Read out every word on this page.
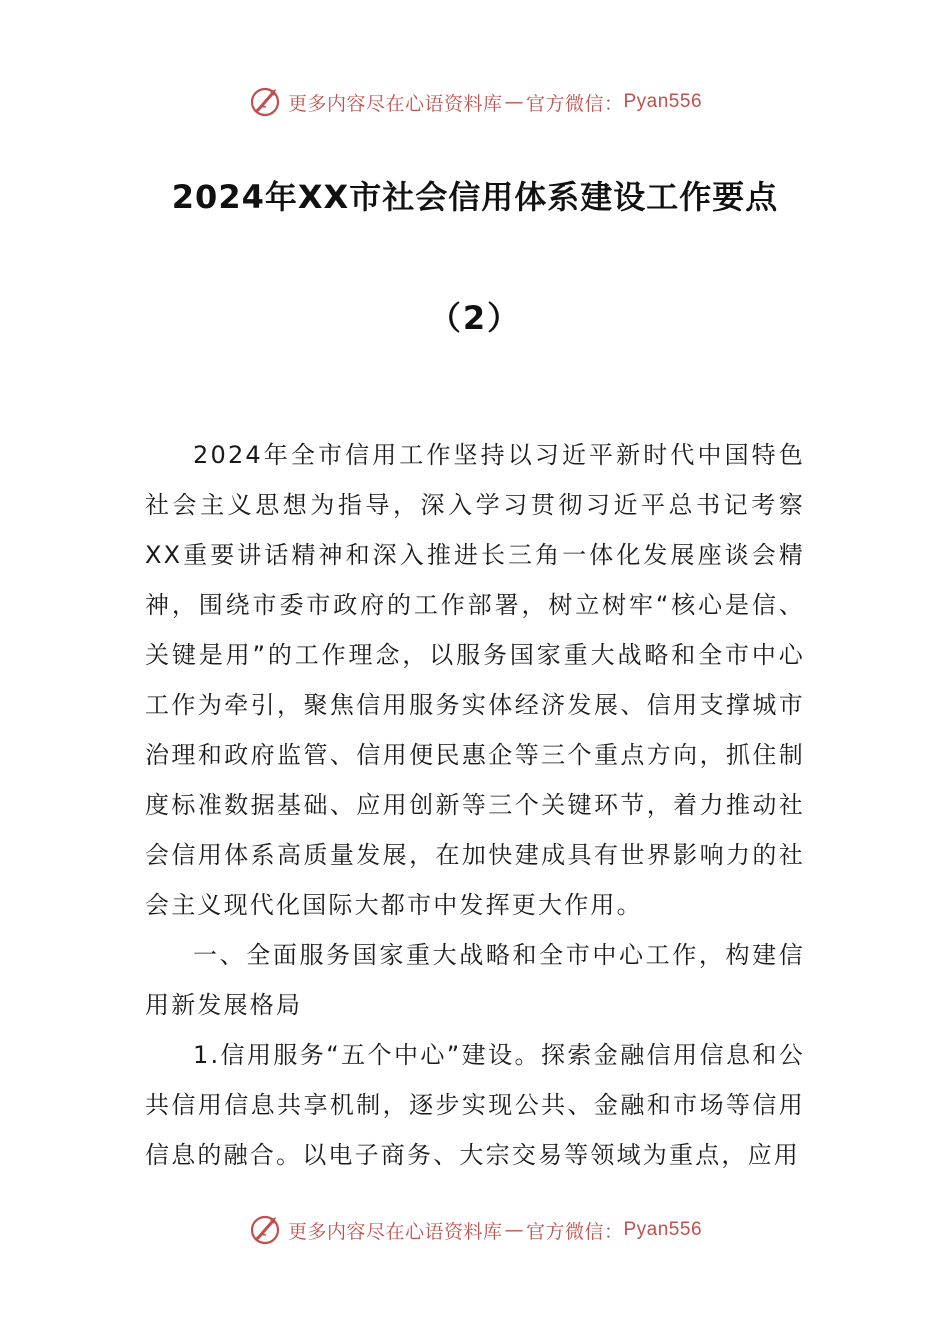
更多内容尽在心语资料库 — 官方微信： Pyan556
2024年XX市社会信用体系建设工作要点
（2）

2024年全市信用工作坚持以习近平新时代中国特色社会主义思想为指导，深入学习贯彻习近平总书记考察XX重要讲话精神和深入推进长三角一体化发展座谈会精神，围绕市委市政府的工作部署，树立树牢“核心是信、关键是用”的工作理念，以服务国家重大战略和全市中心工作为牵引，聚焦信用服务实体经济发展、信用支撑城市治理和政府监管、信用便民惠企等三个重点方向，抓住制度标准数据基础、应用创新等三个关键环节，着力推动社会信用体系高质量发展，在加快建成具有世界影响力的社会主义现代化国际大都市中发挥更大作用。

一、全面服务国家重大战略和全市中心工作，构建信用新发展格局

1.信用服务“五个中心”建设。探索金融信用信息和公共信用信息共享机制，逐步实现公共、金融和市场等信用信息的融合。以电子商务、大宗交易等领域为重点，应用

更多内容尽在心语资料库 — 官方微信： Pyan556
